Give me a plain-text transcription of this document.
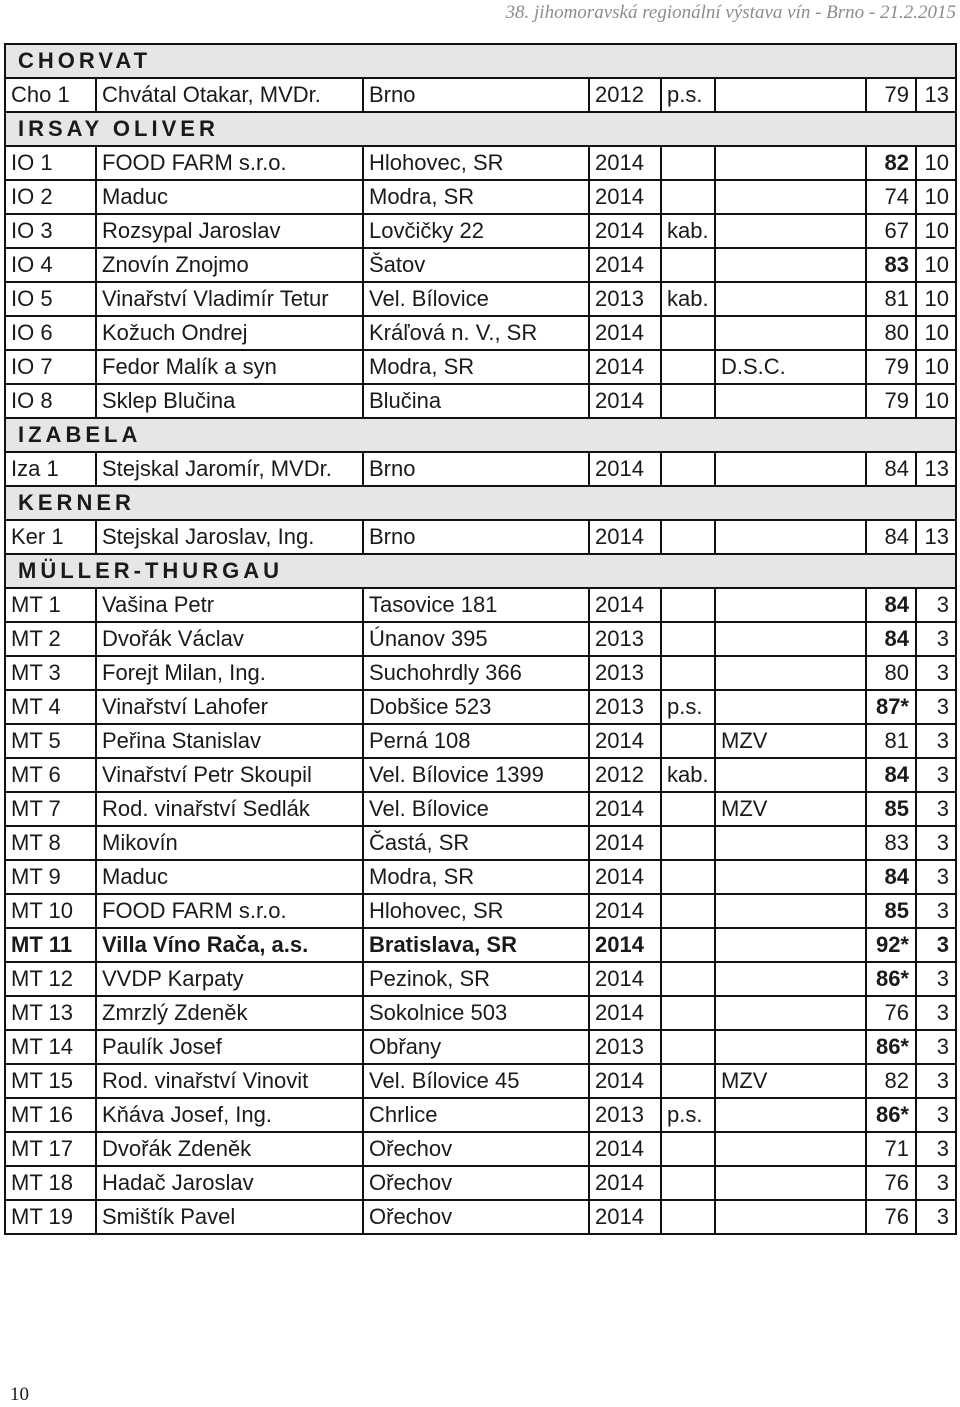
38. jihomoravská regionální výstava vín - Brno - 21.2.2015
CHORVAT							
Cho 1	Chvátal Otakar, MVDr.	Brno	2012	p.s.		79	13
IRSAY OLIVER							
IO 1	FOOD FARM s.r.o.	Hlohovec, SR	2014			82	10
IO 2	Maduc	Modra, SR	2014			74	10
IO 3	Rozsypal Jaroslav	Lovčičky 22	2014	kab.		67	10
IO 4	Znovín Znojmo	Šatov	2014			83	10
IO 5	Vinařství Vladimír Tetur	Vel. Bílovice	2013	kab.		81	10
IO 6	Kožuch Ondrej	Kráľová n. V., SR	2014			80	10
IO 7	Fedor Malík a syn	Modra, SR	2014		D.S.C.	79	10
IO 8	Sklep Blučina	Blučina	2014			79	10
IZABELA							
Iza 1	Stejskal Jaromír, MVDr.	Brno	2014			84	13
KERNER							
Ker 1	Stejskal Jaroslav, Ing.	Brno	2014			84	13
MÜLLER-THURGAU							
MT 1	Vašina Petr	Tasovice 181	2014			84	3
MT 2	Dvořák Václav	Únanov 395	2013			84	3
MT 3	Forejt Milan, Ing.	Suchohrdly 366	2013			80	3
MT 4	Vinařství Lahofer	Dobšice 523	2013	p.s.		87*	3
MT 5	Peřina Stanislav	Perná 108	2014		MZV	81	3
MT 6	Vinařství Petr Skoupil	Vel. Bílovice 1399	2012	kab.		84	3
MT 7	Rod. vinařství Sedlák	Vel. Bílovice	2014		MZV	85	3
MT 8	Mikovín	Častá, SR	2014			83	3
MT 9	Maduc	Modra, SR	2014			84	3
MT 10	FOOD FARM s.r.o.	Hlohovec, SR	2014			85	3
MT 11	Villa Víno Rača, a.s.	Bratislava, SR	2014			92*	3
MT 12	VVDP Karpaty	Pezinok, SR	2014			86*	3
MT 13	Zmrzlý Zdeněk	Sokolnice 503	2014			76	3
MT 14	Paulík Josef	Obřany	2013			86*	3
MT 15	Rod. vinařství Vinovit	Vel. Bílovice 45	2014		MZV	82	3
MT 16	Kňáva Josef, Ing.	Chrlice	2013	p.s.		86*	3
MT 17	Dvořák Zdeněk	Ořechov	2014			71	3
MT 18	Hadač Jaroslav	Ořechov	2014			76	3
MT 19	Smištík Pavel	Ořechov	2014			76	3
10
